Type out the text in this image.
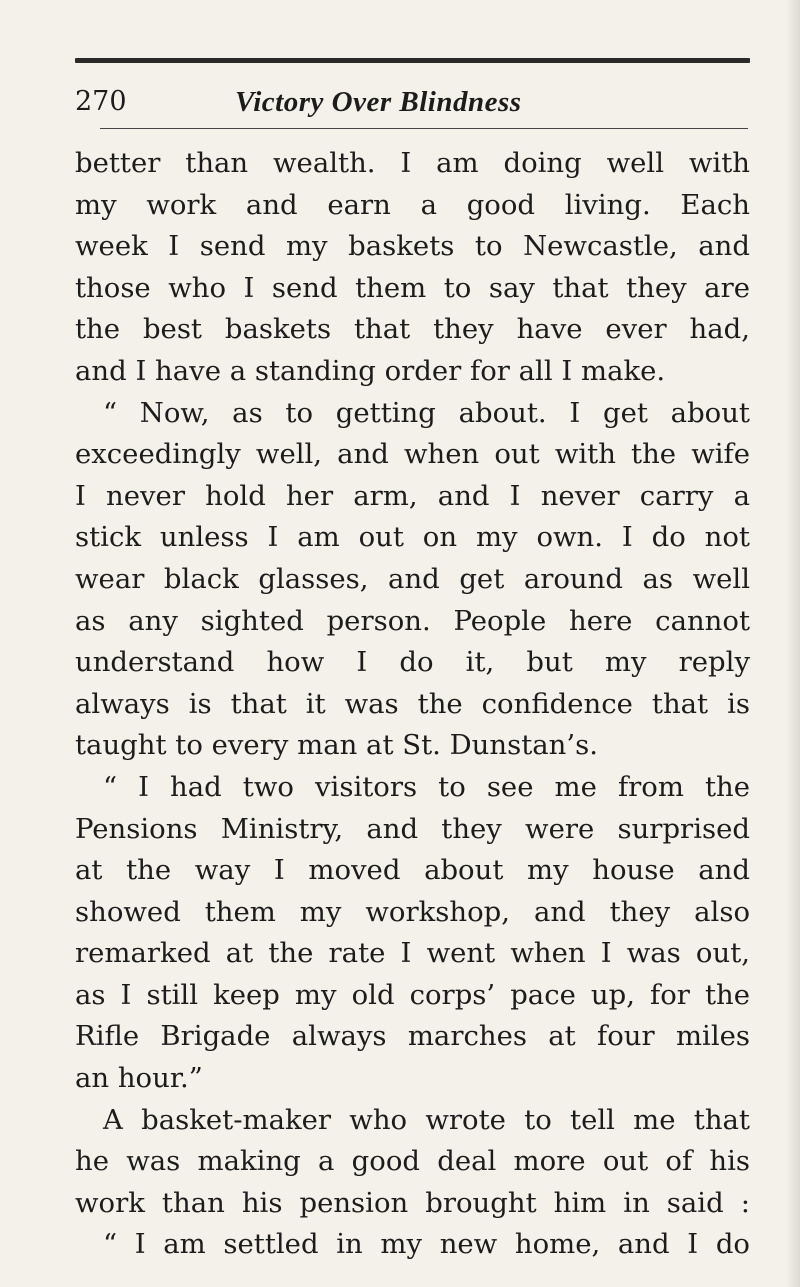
270	Victory Over Blindness
better than wealth. I am doing well with
my work and earn a good living. Each
week I send my baskets to Newcastle, and
those who I send them to say that they are
the best baskets that they have ever had,
and I have a standing order for all I make.
“ Now, as to getting about. I get about
exceedingly well, and when out with the wife
I never hold her arm, and I never carry a
stick unless I am out on my own. I do not
wear black glasses, and get around as well
as any sighted person. People here cannot
understand how I do it, but my reply
always is that it was the confidence that is
taught to every man at St. Dunstan’s.
“ I had two visitors to see me from the
Pensions Ministry, and they were surprised
at the way I moved about my house and
showed them my workshop, and they also
remarked at the rate I went when I was out,
as I still keep my old corps’ pace up, for the
Rifle Brigade always marches at four miles
an hour.”
A basket-maker who wrote to tell me that
he was making a good deal more out of his
work than his pension brought him in said :
“ I am settled in my new home, and I do
